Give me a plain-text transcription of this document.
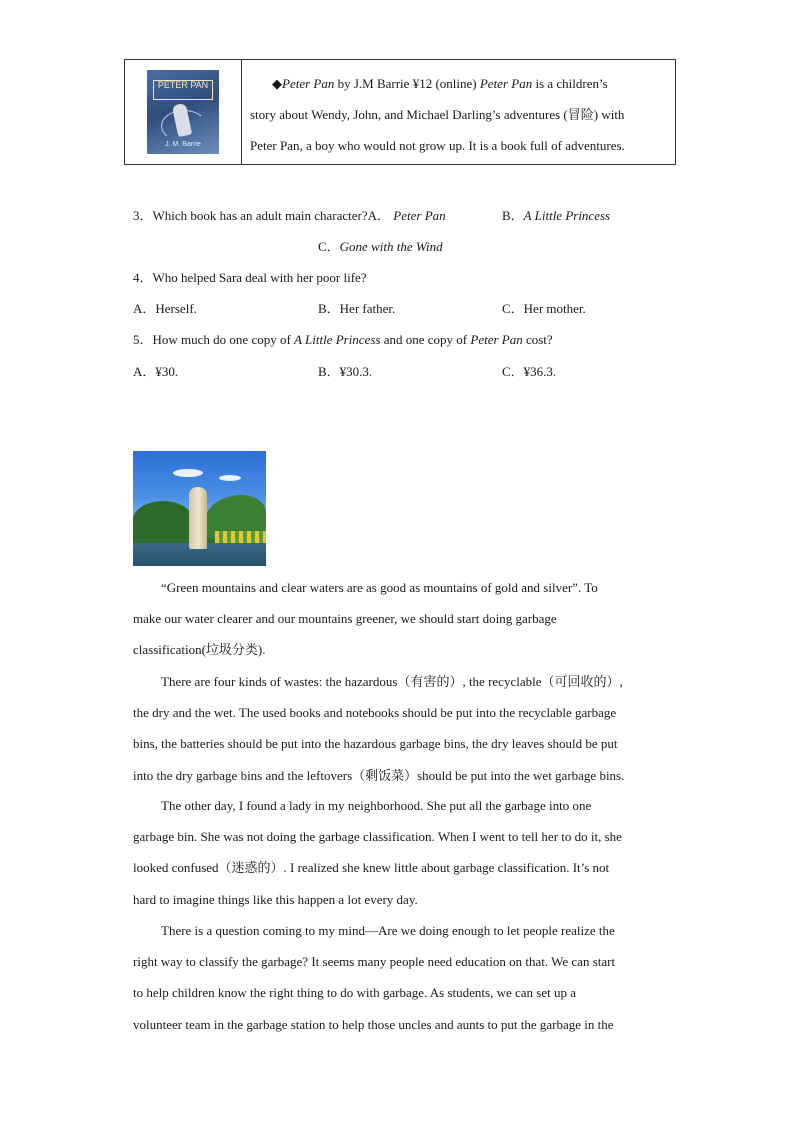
PETER PAN
J. M. Barrie
◆Peter Pan by J.M Barrie ¥12 (online) Peter Pan is a children’s
story about Wendy, John, and Michael Darling’s adventures (冒险) with
Peter Pan, a boy who would not grow up. It is a book full of adventures.
3．Which book has an adult main character?A． Peter Pan	B．A Little Princess
C．Gone with the Wind
4．Who helped Sara deal with her poor life?
A．Herself.	B．Her father.	C．Her mother.
5．How much do one copy of A Little Princess and one copy of Peter Pan cost?
A．¥30.	B．¥30.3.	C．¥36.3.
“Green mountains and clear waters are as good as mountains of gold and silver”. To
make our water clearer and our mountains greener, we should start doing garbage
classification(垃圾分类).
There are four kinds of wastes: the hazardous（有害的）, the recyclable（可回收的）,
the dry and the wet. The used books and notebooks should be put into the recyclable garbage
bins, the batteries should be put into the hazardous garbage bins, the dry leaves should be put
into the dry garbage bins and the leftovers（剩饭菜）should be put into the wet garbage bins.
The other day, I found a lady in my neighborhood. She put all the garbage into one
garbage bin. She was not doing the garbage classification. When I went to tell her to do it, she
looked confused（迷惑的）. I realized she knew little about garbage classification. It’s not
hard to imagine things like this happen a lot every day.
There is a question coming to my mind—Are we doing enough to let people realize the
right way to classify the garbage? It seems many people need education on that. We can start
to help children know the right thing to do with garbage. As students, we can set up a
volunteer team in the garbage station to help those uncles and aunts to put the garbage in the
